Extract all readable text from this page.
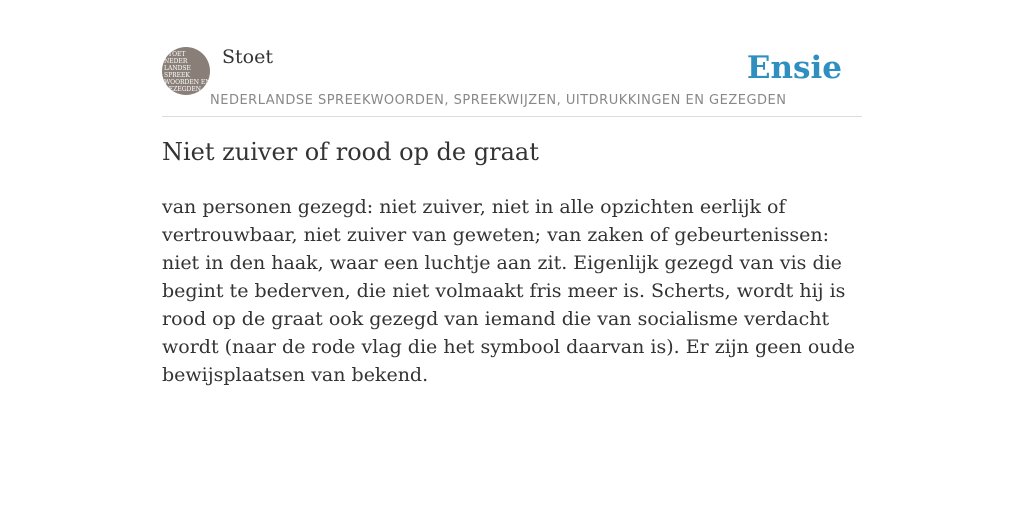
STOET
NEDER
LANDSE
SPREEK
WOORDEN EN
GEZEGDEN
Stoet
NEDERLANDSE SPREEKWOORDEN, SPREEKWIJZEN, UITDRUKKINGEN EN GEZEGDEN
Ensie
Niet zuiver of rood op de graat

van personen gezegd: niet zuiver, niet in alle opzichten eerlijk of vertrouwbaar, niet zuiver van geweten; van zaken of gebeurtenissen: niet in den haak, waar een luchtje aan zit. Eigenlijk gezegd van vis die begint te bederven, die niet volmaakt fris meer is. Scherts, wordt hij is rood op de graat ook gezegd van iemand die van socialisme verdacht wordt (naar de rode vlag die het symbool daarvan is). Er zijn geen oude bewijsplaatsen van bekend.
